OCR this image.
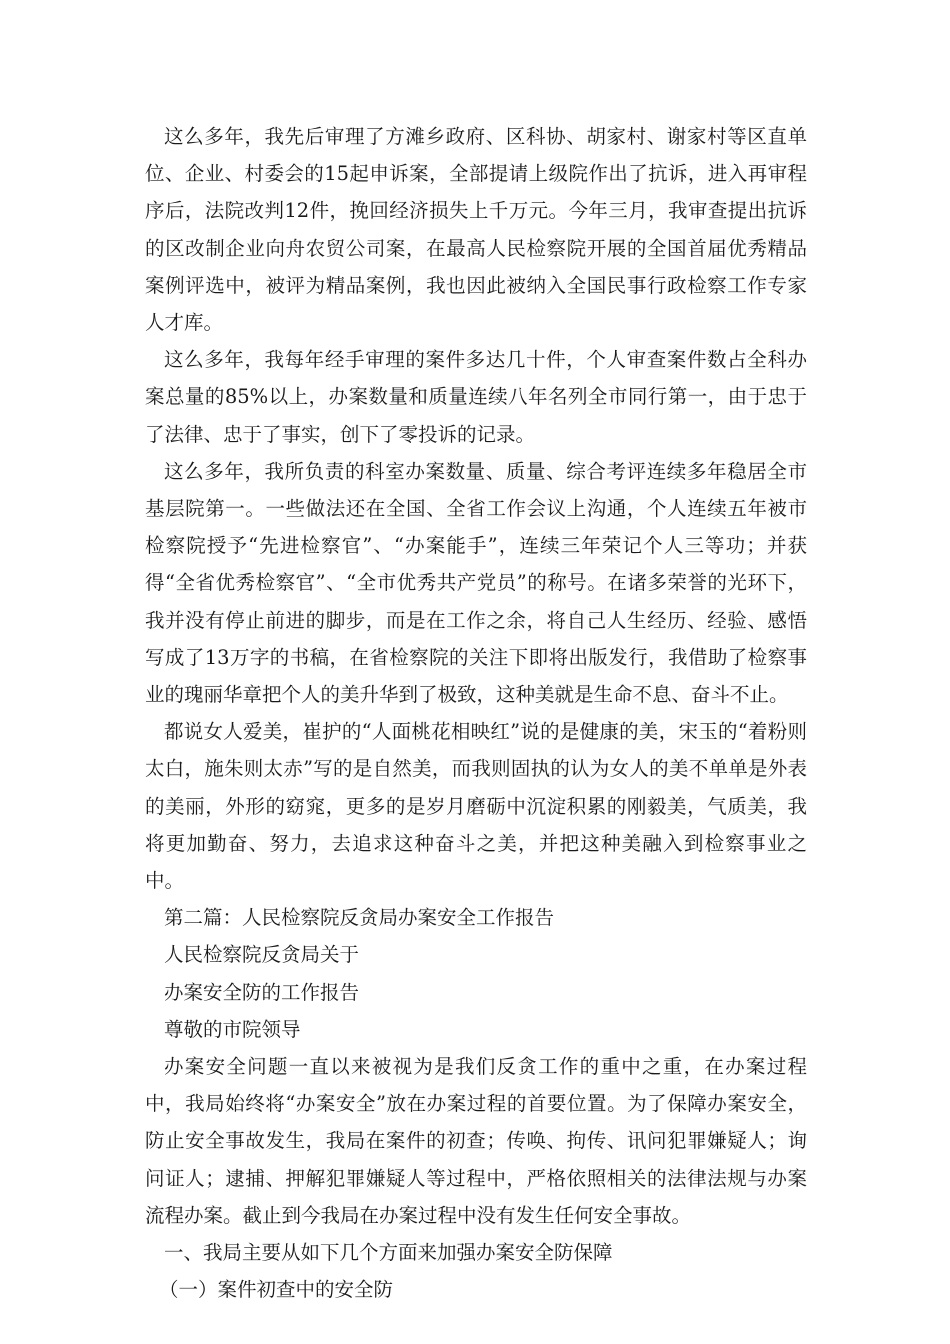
这么多年，我先后审理了方滩乡政府、区科协、胡家村、谢家村等区直单位、企业、村委会的15起申诉案，全部提请上级院作出了抗诉，进入再审程序后，法院改判12件，挽回经济损失上千万元。今年三月，我审查提出抗诉的区改制企业向舟农贸公司案，在最高人民检察院开展的全国首届优秀精品案例评选中，被评为精品案例，我也因此被纳入全国民事行政检察工作专家人才库。

这么多年，我每年经手审理的案件多达几十件，个人审查案件数占全科办案总量的85%以上，办案数量和质量连续八年名列全市同行第一，由于忠于了法律、忠于了事实，创下了零投诉的记录。

这么多年，我所负责的科室办案数量、质量、综合考评连续多年稳居全市基层院第一。一些做法还在全国、全省工作会议上沟通，个人连续五年被市检察院授予“先进检察官”、“办案能手”，连续三年荣记个人三等功；并获得“全省优秀检察官”、“全市优秀共产党员”的称号。在诸多荣誉的光环下，我并没有停止前进的脚步，而是在工作之余，将自己人生经历、经验、感悟写成了13万字的书稿，在省检察院的关注下即将出版发行，我借助了检察事业的瑰丽华章把个人的美升华到了极致，这种美就是生命不息、奋斗不止。

都说女人爱美，崔护的“人面桃花相映红”说的是健康的美，宋玉的“着粉则太白，施朱则太赤”写的是自然美，而我则固执的认为女人的美不单单是外表的美丽，外形的窈窕，更多的是岁月磨砺中沉淀积累的刚毅美，气质美，我将更加勤奋、努力，去追求这种奋斗之美，并把这种美融入到检察事业之中。

第二篇：人民检察院反贪局办案安全工作报告

人民检察院反贪局关于

办案安全防的工作报告

尊敬的市院领导

办案安全问题一直以来被视为是我们反贪工作的重中之重，在办案过程中，我局始终将“办案安全”放在办案过程的首要位置。为了保障办案安全，防止安全事故发生，我局在案件的初查；传唤、拘传、讯问犯罪嫌疑人；询问证人；逮捕、押解犯罪嫌疑人等过程中，严格依照相关的法律法规与办案流程办案。截止到今我局在办案过程中没有发生任何安全事故。

一、我局主要从如下几个方面来加强办案安全防保障

（一）案件初查中的安全防
